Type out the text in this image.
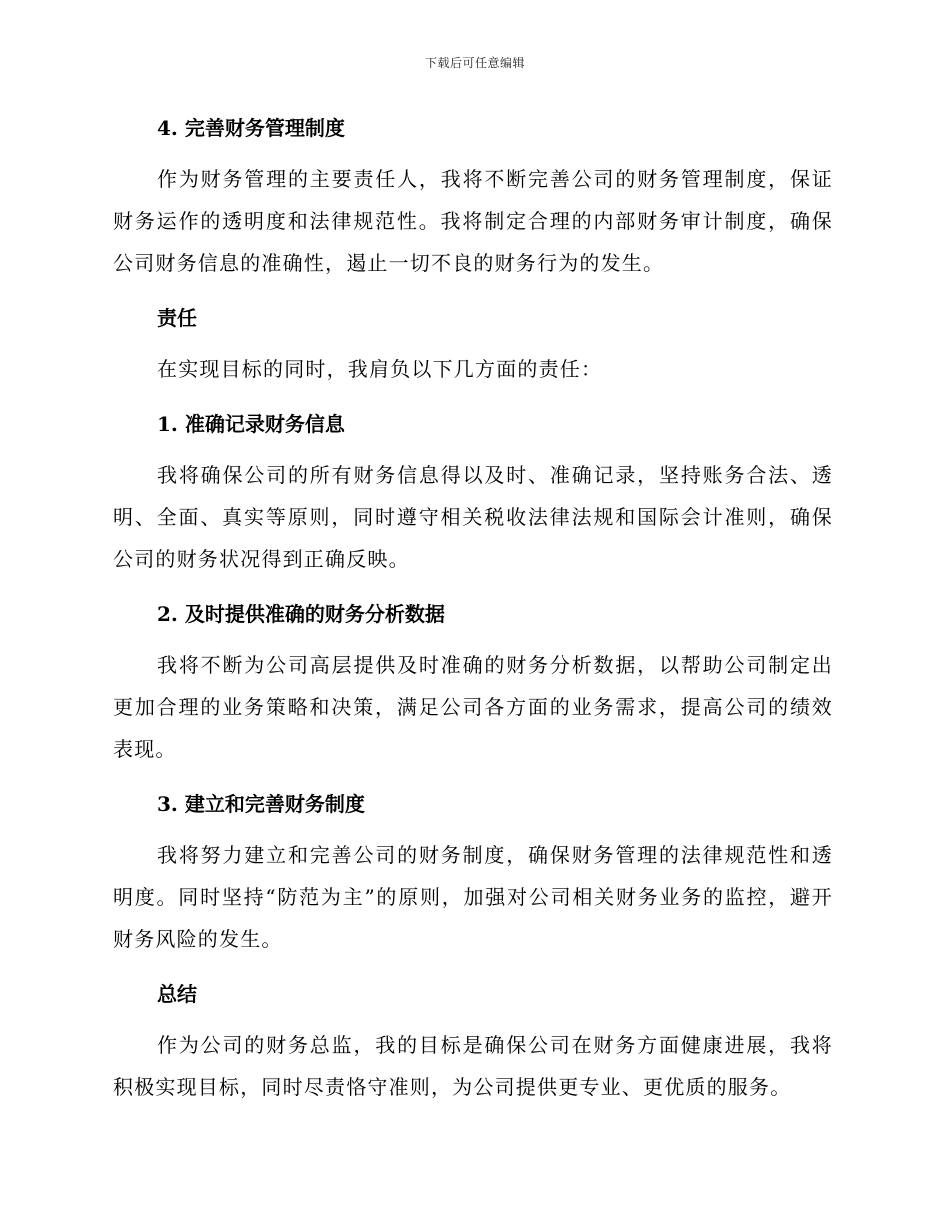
下载后可任意编辑
4. 完善财务管理制度

作为财务管理的主要责任人，我将不断完善公司的财务管理制度，保证财务运作的透明度和法律规范性。我将制定合理的内部财务审计制度，确保公司财务信息的准确性，遏止一切不良的财务行为的发生。

责任

在实现目标的同时，我肩负以下几方面的责任：

1. 准确记录财务信息

我将确保公司的所有财务信息得以及时、准确记录，坚持账务合法、透明、全面、真实等原则，同时遵守相关税收法律法规和国际会计准则，确保公司的财务状况得到正确反映。

2. 及时提供准确的财务分析数据

我将不断为公司高层提供及时准确的财务分析数据，以帮助公司制定出更加合理的业务策略和决策，满足公司各方面的业务需求，提高公司的绩效表现。

3. 建立和完善财务制度

我将努力建立和完善公司的财务制度，确保财务管理的法律规范性和透明度。同时坚持“防范为主”的原则，加强对公司相关财务业务的监控，避开财务风险的发生。

总结

作为公司的财务总监，我的目标是确保公司在财务方面健康进展，我将积极实现目标，同时尽责恪守准则，为公司提供更专业、更优质的服务。
